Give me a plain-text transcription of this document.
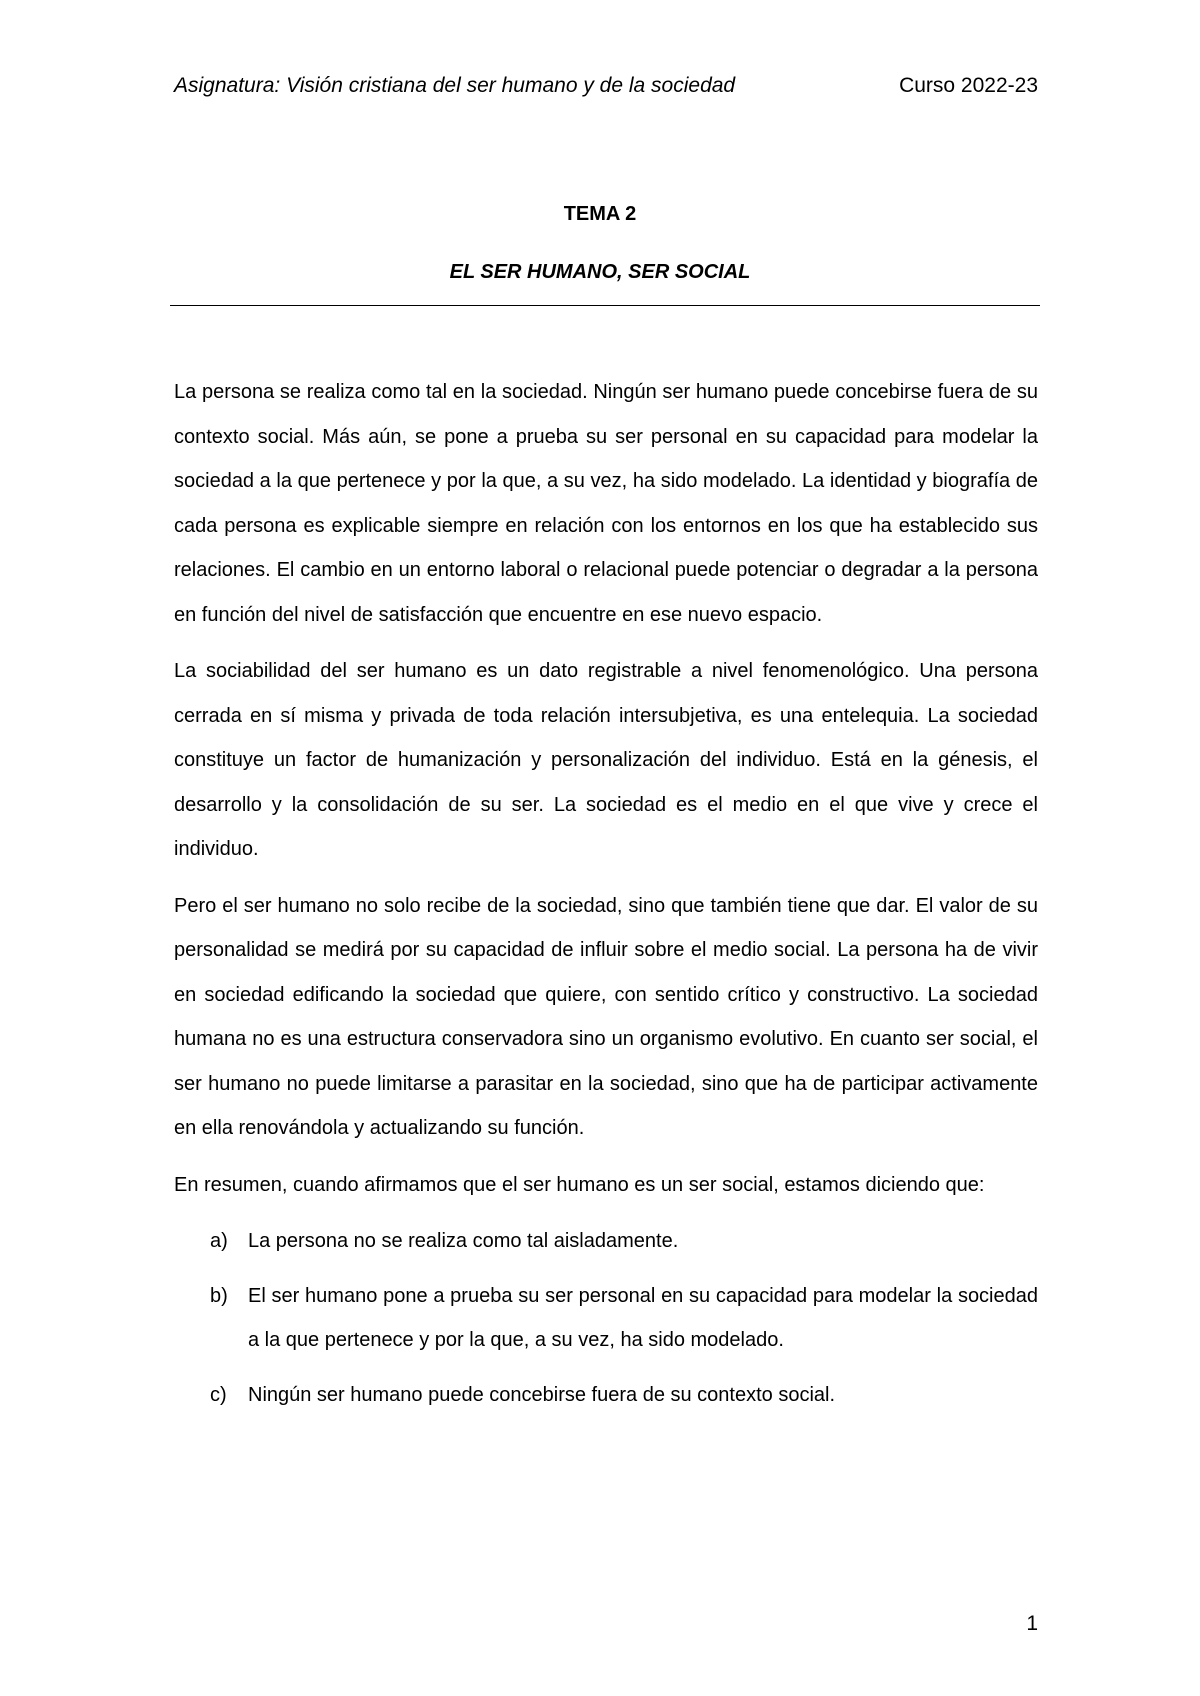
Asignatura: Visión cristiana del ser humano y de la sociedad	Curso 2022-23
TEMA 2
EL SER HUMANO, SER SOCIAL

La persona se realiza como tal en la sociedad. Ningún ser humano puede concebirse fuera de su contexto social. Más aún, se pone a prueba su ser personal en su capacidad para modelar la sociedad a la que pertenece y por la que, a su vez, ha sido modelado. La identidad y biografía de cada persona es explicable siempre en relación con los entornos en los que ha establecido sus relaciones. El cambio en un entorno laboral o relacional puede potenciar o degradar a la persona en función del nivel de satisfacción que encuentre en ese nuevo espacio.

La sociabilidad del ser humano es un dato registrable a nivel fenomenológico. Una persona cerrada en sí misma y privada de toda relación intersubjetiva, es una entelequia. La sociedad constituye un factor de humanización y personalización del individuo. Está en la génesis, el desarrollo y la consolidación de su ser. La sociedad es el medio en el que vive y crece el individuo.

Pero el ser humano no solo recibe de la sociedad, sino que también tiene que dar. El valor de su personalidad se medirá por su capacidad de influir sobre el medio social. La persona ha de vivir en sociedad edificando la sociedad que quiere, con sentido crítico y constructivo. La sociedad humana no es una estructura conservadora sino un organismo evolutivo. En cuanto ser social, el ser humano no puede limitarse a parasitar en la sociedad, sino que ha de participar activamente en ella renovándola y actualizando su función.

En resumen, cuando afirmamos que el ser humano es un ser social, estamos diciendo que:

a) La persona no se realiza como tal aisladamente.
b) El ser humano pone a prueba su ser personal en su capacidad para modelar la sociedad a la que pertenece y por la que, a su vez, ha sido modelado.
c) Ningún ser humano puede concebirse fuera de su contexto social.
1
